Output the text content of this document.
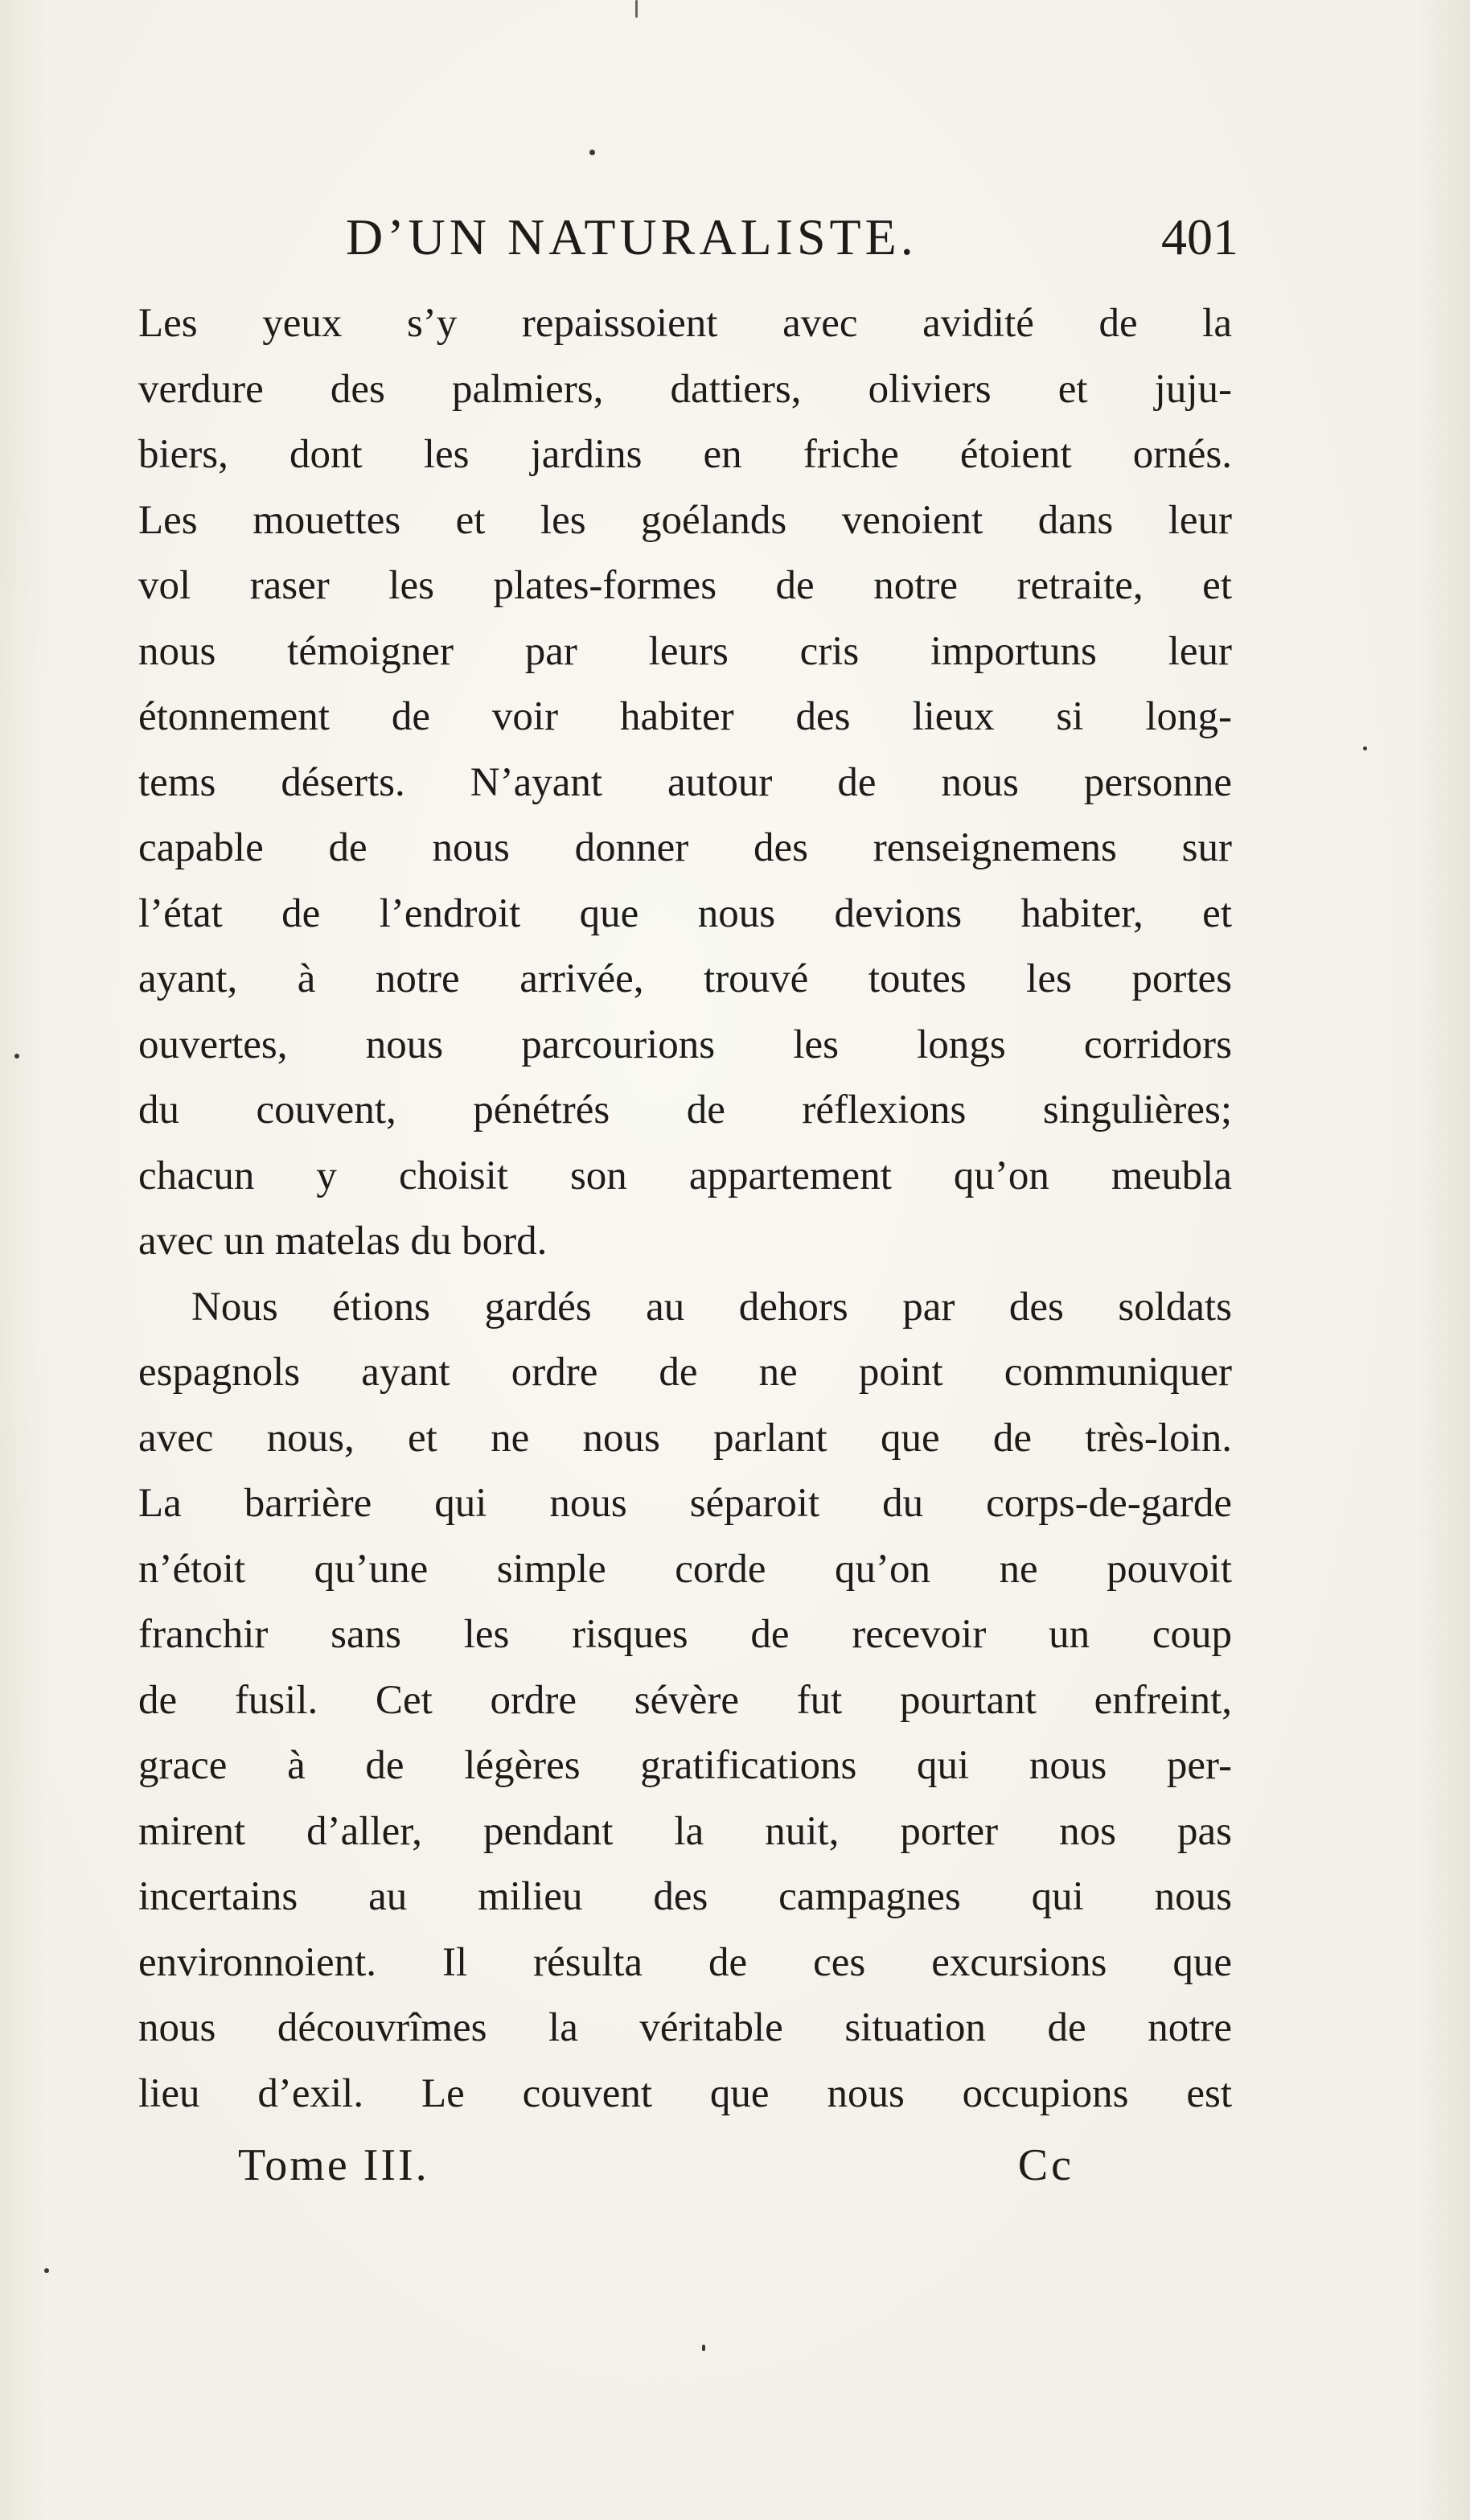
D’UN NATURALISTE.	401
Les yeux s’y repaissoient avec avidité de la
verdure des palmiers, dattiers, oliviers et juju-
biers, dont les jardins en friche étoient ornés.
Les mouettes et les goélands venoient dans leur
vol raser les plates-formes de notre retraite, et
nous témoigner par leurs cris importuns leur
étonnement de voir habiter des lieux si long-
tems déserts. N’ayant autour de nous personne
capable de nous donner des renseignemens sur
l’état de l’endroit que nous devions habiter, et
ayant, à notre arrivée, trouvé toutes les portes
ouvertes, nous parcourions les longs corridors
du couvent, pénétrés de réflexions singulières;
chacun y choisit son appartement qu’on meubla
avec un matelas du bord.
Nous étions gardés au dehors par des soldats
espagnols ayant ordre de ne point communiquer
avec nous, et ne nous parlant que de très-loin.
La barrière qui nous séparoit du corps-de-garde
n’étoit qu’une simple corde qu’on ne pouvoit
franchir sans les risques de recevoir un coup
de fusil. Cet ordre sévère fut pourtant enfreint,
grace à de légères gratifications qui nous per-
mirent d’aller, pendant la nuit, porter nos pas
incertains au milieu des campagnes qui nous
environnoient. Il résulta de ces excursions que
nous découvrîmes la véritable situation de notre
lieu d’exil. Le couvent que nous occupions est
Tome III.	Cc
